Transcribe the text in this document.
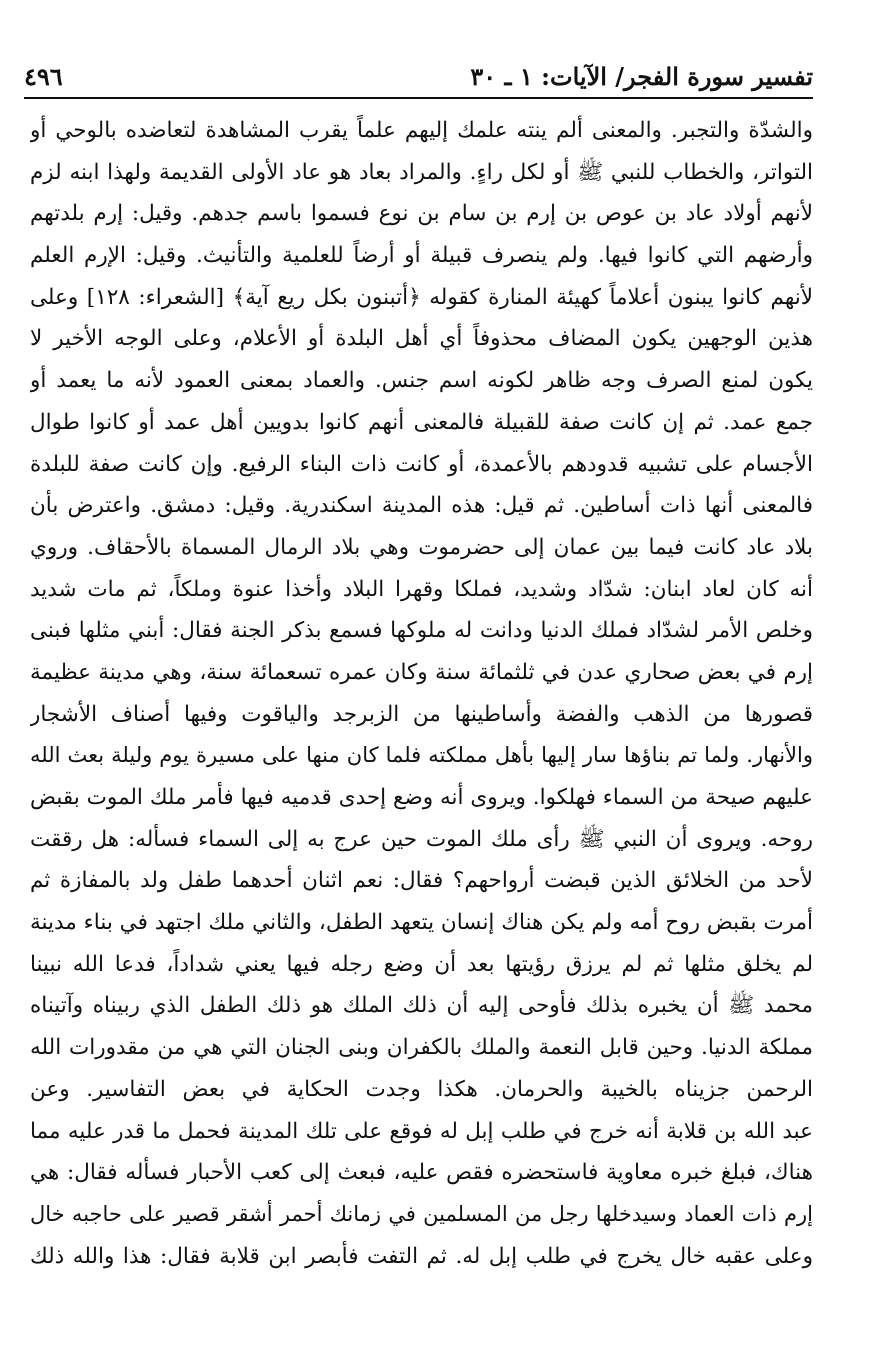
تفسير سورة الفجر/ الآيات: ١ ـ ٣٠
٤٩٦
والشدّة والتجبر. والمعنى ألم ينته علمك إليهم علماً يقرب المشاهدة لتعاضده بالوحي أو
التواتر، والخطاب للنبي ﷺ أو لكل راءٍ. والمراد بعاد هو عاد الأولى القديمة ولهذا ابنه لزم
لأنهم أولاد عاد بن عوص بن إرم بن سام بن نوع فسموا باسم جدهم. وقيل: إرم بلدتهم
وأرضهم التي كانوا فيها. ولم ينصرف قبيلة أو أرضاً للعلمية والتأنيث. وقيل: الإرم العلم
لأنهم كانوا يبنون أعلاماً كهيئة المنارة كقوله ﴿أتبنون بكل ريع آية﴾ [الشعراء: ١٢٨] وعلى
هذين الوجهين يكون المضاف محذوفاً أي أهل البلدة أو الأعلام، وعلى الوجه الأخير لا
يكون لمنع الصرف وجه ظاهر لكونه اسم جنس. والعماد بمعنى العمود لأنه ما يعمد أو
جمع عمد. ثم إن كانت صفة للقبيلة فالمعنى أنهم كانوا بدويين أهل عمد أو كانوا طوال
الأجسام على تشبيه قدودهم بالأعمدة، أو كانت ذات البناء الرفيع. وإن كانت صفة للبلدة
فالمعنى أنها ذات أساطين. ثم قيل: هذه المدينة اسكندرية. وقيل: دمشق. واعترض بأن
بلاد عاد كانت فيما بين عمان إلى حضرموت وهي بلاد الرمال المسماة بالأحقاف. وروي
أنه كان لعاد ابنان: شدّاد وشديد، فملكا وقهرا البلاد وأخذا عنوة وملكاً، ثم مات شديد
وخلص الأمر لشدّاد فملك الدنيا ودانت له ملوكها فسمع بذكر الجنة فقال: أبني مثلها فبنى
إرم في بعض صحاري عدن في ثلثمائة سنة وكان عمره تسعمائة سنة، وهي مدينة عظيمة
قصورها من الذهب والفضة وأساطينها من الزبرجد والياقوت وفيها أصناف الأشجار
والأنهار. ولما تم بناؤها سار إليها بأهل مملكته فلما كان منها على مسيرة يوم وليلة بعث الله
عليهم صيحة من السماء فهلكوا. ويروى أنه وضع إحدى قدميه فيها فأمر ملك الموت بقبض
روحه. ويروى أن النبي ﷺ رأى ملك الموت حين عرج به إلى السماء فسأله: هل رققت
لأحد من الخلائق الذين قبضت أرواحهم؟ فقال: نعم اثنان أحدهما طفل ولد بالمفازة ثم
أمرت بقبض روح أمه ولم يكن هناك إنسان يتعهد الطفل، والثاني ملك اجتهد في بناء مدينة
لم يخلق مثلها ثم لم يرزق رؤيتها بعد أن وضع رجله فيها يعني شداداً، فدعا الله نبينا
محمد ﷺ أن يخبره بذلك فأوحى إليه أن ذلك الملك هو ذلك الطفل الذي ربيناه وآتيناه
مملكة الدنيا. وحين قابل النعمة والملك بالكفران وبنى الجنان التي هي من مقدورات الله
الرحمن جزيناه بالخيبة والحرمان. هكذا وجدت الحكاية في بعض التفاسير. وعن
عبد الله بن قلابة أنه خرج في طلب إبل له فوقع على تلك المدينة فحمل ما قدر عليه مما
هناك، فبلغ خبره معاوية فاستحضره فقص عليه، فبعث إلى كعب الأحبار فسأله فقال: هي
إرم ذات العماد وسيدخلها رجل من المسلمين في زمانك أحمر أشقر قصير على حاجبه خال
وعلى عقبه خال يخرج في طلب إبل له. ثم التفت فأبصر ابن قلابة فقال: هذا والله ذلك
